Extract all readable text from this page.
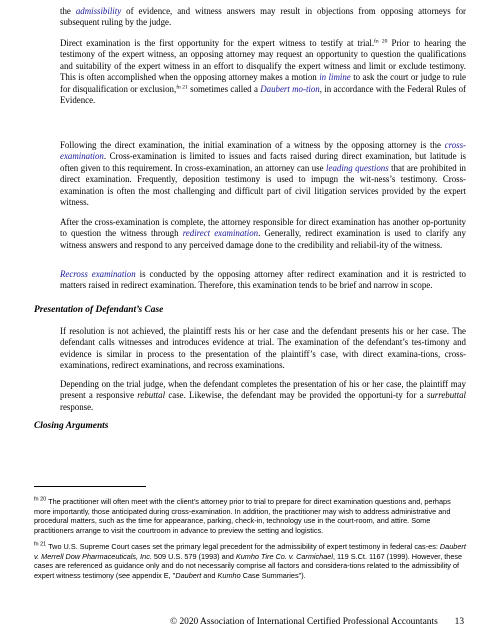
the admissibility of evidence, and witness answers may result in objections from opposing attorneys for subsequent ruling by the judge.

Direct examination is the first opportunity for the expert witness to testify at trial.$^{fn 20}$ Prior to hearing the testimony of the expert witness, an opposing attorney may request an opportunity to question the qualifications and suitability of the expert witness in an effort to disqualify the expert witness and limit or exclude testimony. This is often accomplished when the opposing attorney makes a motion in limine to ask the court or judge to rule for disqualification or exclusion,$^{fn 21}$ sometimes called a Daubert mo-tion, in accordance with the Federal Rules of Evidence.

Following the direct examination, the initial examination of a witness by the opposing attorney is the cross-examination. Cross-examination is limited to issues and facts raised during direct examination, but latitude is often given to this requirement. In cross-examination, an attorney can use leading questions that are prohibited in direct examination. Frequently, deposition testimony is used to impugn the wit-ness’s testimony. Cross-examination is often the most challenging and difficult part of civil litigation services provided by the expert witness.

After the cross-examination is complete, the attorney responsible for direct examination has another op-portunity to question the witness through redirect examination. Generally, redirect examination is used to clarify any witness answers and respond to any perceived damage done to the credibility and reliabil-ity of the witness.

Recross examination is conducted by the opposing attorney after redirect examination and it is restricted to matters raised in redirect examination. Therefore, this examination tends to be brief and narrow in scope.

Presentation of Defendant’s Case

If resolution is not achieved, the plaintiff rests his or her case and the defendant presents his or her case. The defendant calls witnesses and introduces evidence at trial. The examination of the defendant’s tes-timony and evidence is similar in process to the presentation of the plaintiff’s case, with direct examina-tions, cross-examinations, redirect examinations, and recross examinations.

Depending on the trial judge, when the defendant completes the presentation of his or her case, the plaintiff may present a responsive rebuttal case. Likewise, the defendant may be provided the opportuni-ty for a surrebuttal response.

Closing Arguments

$^{fn 20}$ The practitioner will often meet with the client’s attorney prior to trial to prepare for direct examination questions and, perhaps more importantly, those anticipated during cross-examination. In addition, the practitioner may wish to address administrative and procedural matters, such as the time for appearance, parking, check-in, technology use in the court-room, and attire. Some practitioners arrange to visit the courtroom in advance to preview the setting and logistics.

$^{fn 21}$ Two U.S. Supreme Court cases set the primary legal precedent for the admissibility of expert testimony in federal cas-es: Daubert v. Merrell Dow Pharmaceuticals, Inc. 509 U.S. 579 (1993) and Kumho Tire Co. v. Carmichael, 119 S.Ct. 1167 (1999). However, these cases are referenced as guidance only and do not necessarily comprise all factors and considera-tions related to the admissibility of expert witness testimony (see appendix E, "Daubert and Kumho Case Summaries").

© 2020 Association of International Certified Professional Accountants 13
